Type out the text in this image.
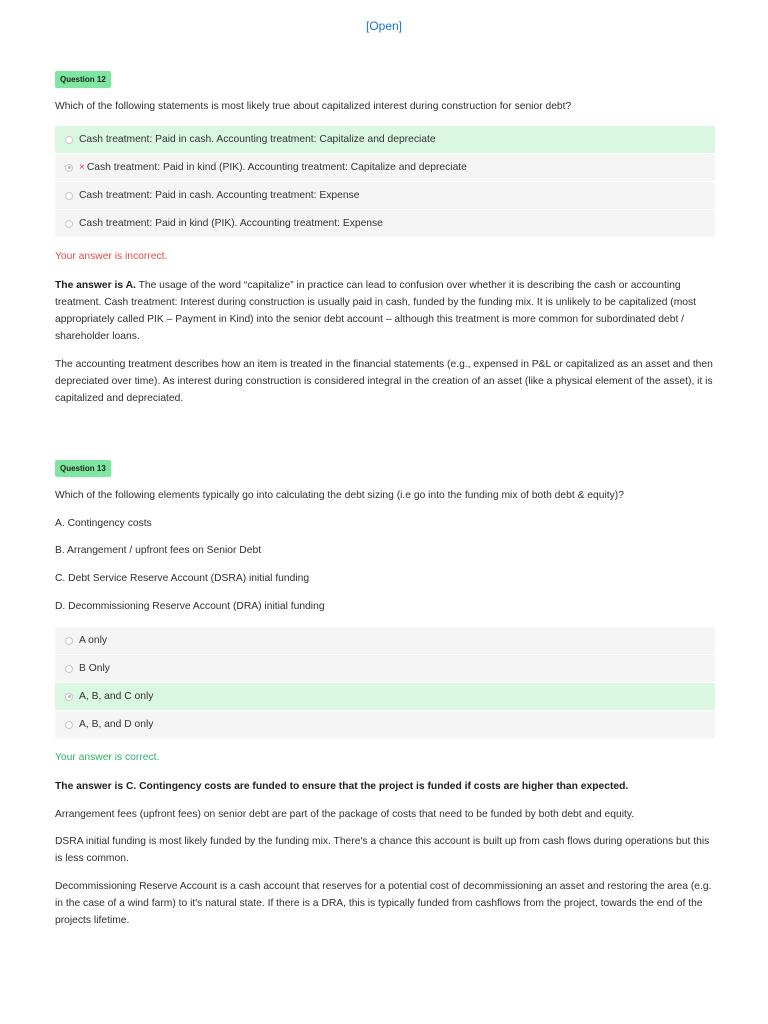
[Open]
Question 12
Which of the following statements is most likely true about capitalized interest during construction for senior debt?
Cash treatment: Paid in cash. Accounting treatment: Capitalize and depreciate
× Cash treatment: Paid in kind (PIK). Accounting treatment: Capitalize and depreciate
Cash treatment: Paid in cash. Accounting treatment: Expense
Cash treatment: Paid in kind (PIK). Accounting treatment: Expense
Your answer is incorrect.
The answer is A. The usage of the word “capitalize” in practice can lead to confusion over whether it is describing the cash or accounting treatment. Cash treatment: Interest during construction is usually paid in cash, funded by the funding mix. It is unlikely to be capitalized (most appropriately called PIK – Payment in Kind) into the senior debt account – although this treatment is more common for subordinated debt / shareholder loans.
The accounting treatment describes how an item is treated in the financial statements (e.g., expensed in P&L or capitalized as an asset and then depreciated over time). As interest during construction is considered integral in the creation of an asset (like a physical element of the asset), it is capitalized and depreciated.
Question 13
Which of the following elements typically go into calculating the debt sizing (i.e go into the funding mix of both debt & equity)?
A. Contingency costs
B. Arrangement / upfront fees on Senior Debt
C. Debt Service Reserve Account (DSRA) initial funding
D. Decommissioning Reserve Account (DRA) initial funding
A only
B Only
A, B, and C only
A, B, and D only
Your answer is correct.
The answer is C. Contingency costs are funded to ensure that the project is funded if costs are higher than expected.
Arrangement fees (upfront fees) on senior debt are part of the package of costs that need to be funded by both debt and equity.
DSRA initial funding is most likely funded by the funding mix. There's a chance this account is built up from cash flows during operations but this is less common.
Decommissioning Reserve Account is a cash account that reserves for a potential cost of decommissioning an asset and restoring the area (e.g. in the case of a wind farm) to it's natural state. If there is a DRA, this is typically funded from cashflows from the project, towards the end of the projects lifetime.
